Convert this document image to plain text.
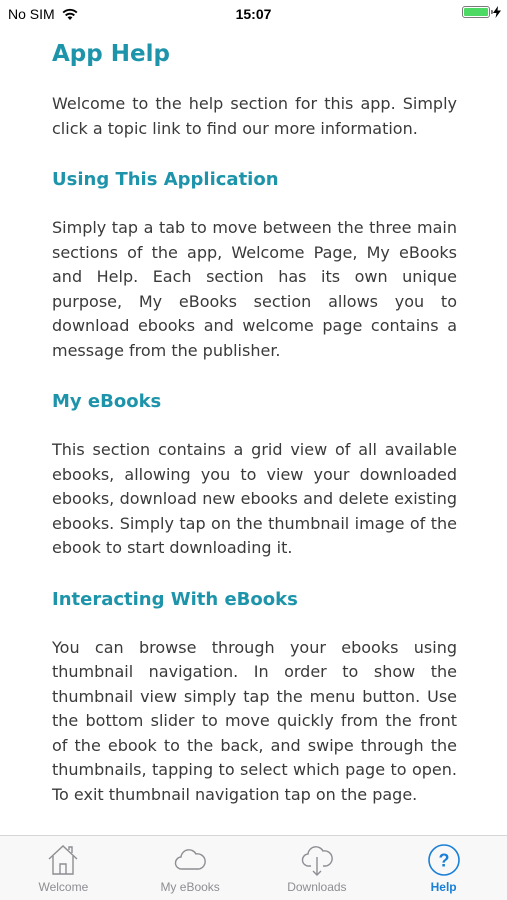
No SIM	15:07
App Help

Welcome to the help section for this app. Simply click a topic link to find our more information.

Using This Application

Simply tap a tab to move between the three main sections of the app, Welcome Page, My eBooks and Help. Each section has its own unique purpose, My eBooks section allows you to download ebooks and welcome page contains a message from the publisher.

My eBooks

This section contains a grid view of all available ebooks, allowing you to view your downloaded ebooks, download new ebooks and delete existing ebooks. Simply tap on the thumbnail image of the ebook to start downloading it.

Interacting With eBooks

You can browse through your ebooks using thumbnail navigation. In order to show the thumbnail view simply tap the menu button. Use the bottom slider to move quickly from the front of the ebook to the back, and swipe through the thumbnails, tapping to select which page to open. To exit thumbnail navigation tap on the page.

Welcome	My eBooks	Downloads
?
Help
